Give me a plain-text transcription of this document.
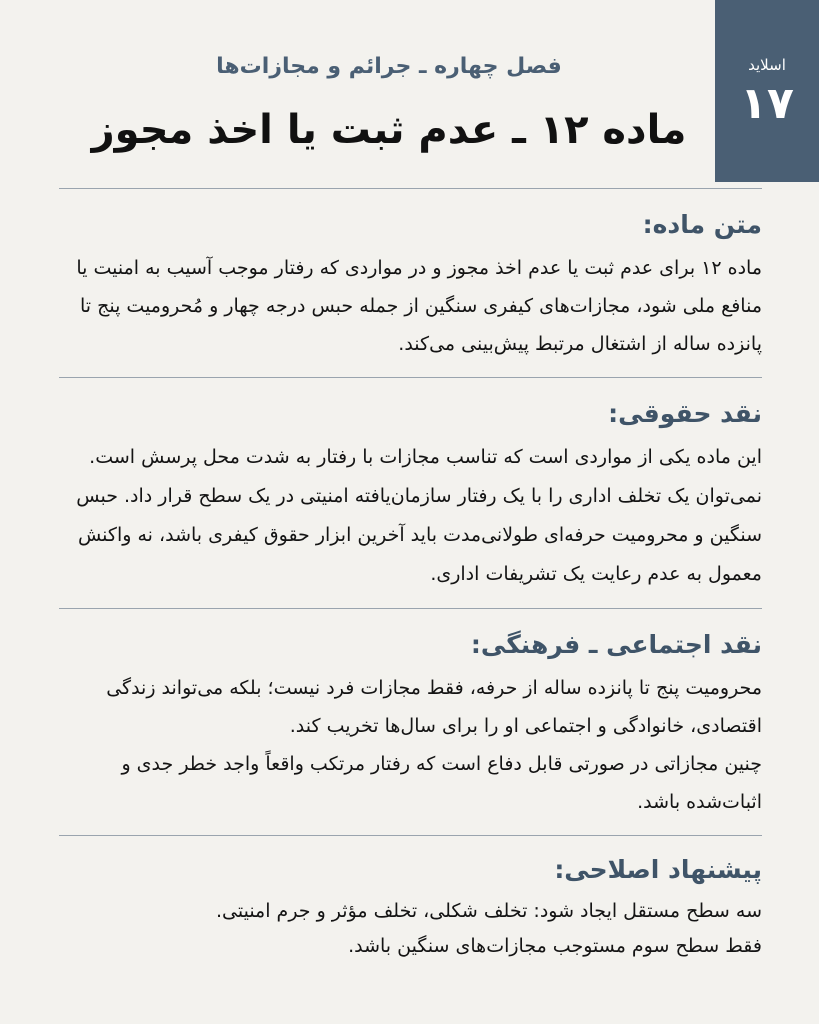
اسلاید
۱۷

فصل چهاره ـ جرائم و مجازات‌ها

ماده ۱۲ ـ عدم ثبت یا اخذ مجوز
متن ماده:

ماده ۱۲ برای عدم ثبت یا عدم اخذ مجوز و در مواردی که رفتار موجب آسیب به امنیت یا منافع ملی شود، مجازات‌های کیفری سنگین از جمله حبس درجه چهار و مُحرومیت پنج تا پانزده ساله از اشتغال مرتبط پیش‌بینی می‌کند.

نقد حقوقی:

این ماده یکی از مواردی است که تناسب مجازات با رفتار به شدت محل پرسش است. نمی‌توان یک تخلف اداری را با یک رفتار سازمان‌یافته امنیتی در یک سطح قرار داد. حبس سنگین و محرومیت حرفه‌ای طولانی‌مدت باید آخرین ابزار حقوق کیفری باشد، نه واکنش معمول به عدم رعایت یک تشریفات اداری.

نقد اجتماعی ـ فرهنگی:

محرومیت پنج تا پانزده ساله از حرفه، فقط مجازات فرد نیست؛ بلکه می‌تواند زندگی اقتصادی، خانوادگی و اجتماعی او را برای سال‌ها تخریب کند.

چنین مجازاتی در صورتی قابل دفاع است که رفتار مرتکب واقعاً واجد خطر جدی و اثبات‌شده باشد.

پیشنهاد اصلاحی:

سه سطح مستقل ایجاد شود: تخلف شکلی، تخلف مؤثر و جرم امنیتی.

فقط سطح سوم مستوجب مجازات‌های سنگین باشد.
